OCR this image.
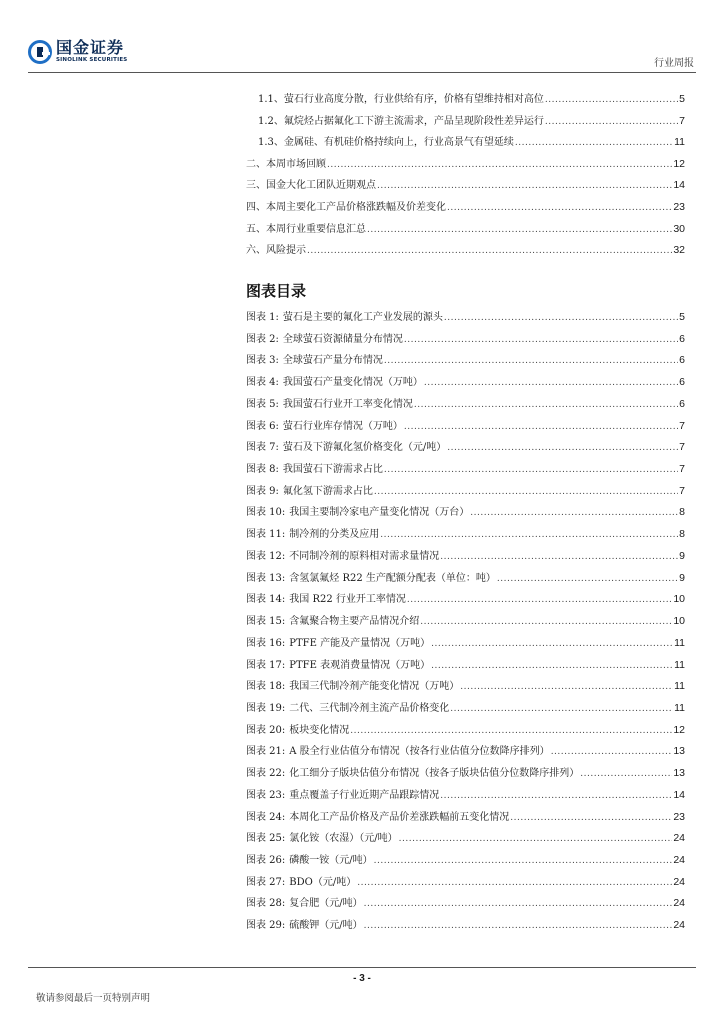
国金证券
SINOLINK SECURITIES	行业周报
1.1、萤石行业高度分散，行业供给有序，价格有望维持相对高位 .....	5
1.2、氟烷烃占据氟化工下游主流需求，产品呈现阶段性差异运行 .....	7
1.3、金属硅、有机硅价格持续向上，行业高景气有望延续 .....	11
二、本周市场回顾 .....	12
三、国金大化工团队近期观点 .....	14
四、本周主要化工产品价格涨跌幅及价差变化 .....	23
五、本周行业重要信息汇总 .....	30
六、风险提示 .....	32
图表目录
图表 1: 萤石是主要的氟化工产业发展的源头 .....	5
图表 2: 全球萤石资源储量分布情况 .....	6
图表 3: 全球萤石产量分布情况 .....	6
图表 4: 我国萤石产量变化情况（万吨） .....	6
图表 5: 我国萤石行业开工率变化情况 .....	6
图表 6: 萤石行业库存情况（万吨） .....	7
图表 7: 萤石及下游氟化氢价格变化（元/吨） .....	7
图表 8: 我国萤石下游需求占比 .....	7
图表 9: 氟化氢下游需求占比 .....	7
图表 10: 我国主要制冷家电产量变化情况（万台） .....	8
图表 11: 制冷剂的分类及应用 .....	8
图表 12: 不同制冷剂的原料相对需求量情况 .....	9
图表 13: 含氢氯氟烃 R22 生产配额分配表（单位：吨） .....	9
图表 14: 我国 R22 行业开工率情况 .....	10
图表 15: 含氟聚合物主要产品情况介绍 .....	10
图表 16: PTFE 产能及产量情况（万吨） .....	11
图表 17: PTFE 表观消费量情况（万吨） .....	11
图表 18: 我国三代制冷剂产能变化情况（万吨） .....	11
图表 19: 二代、三代制冷剂主流产品价格变化 .....	11
图表 20: 板块变化情况 .....	12
图表 21: A 股全行业估值分布情况（按各行业估值分位数降序排列） .....	13
图表 22: 化工细分子版块估值分布情况（按各子版块估值分位数降序排列） .....	13
图表 23: 重点覆盖子行业近期产品跟踪情况 .....	14
图表 24: 本周化工产品价格及产品价差涨跌幅前五变化情况 .....	23
图表 25: 氯化铵（农湿）（元/吨） .....	24
图表 26: 磷酸一铵（元/吨） .....	24
图表 27: BDO（元/吨） .....	24
图表 28: 复合肥（元/吨） .....	24
图表 29: 硫酸钾（元/吨） .....	24
- 3 -
敬请参阅最后一页特别声明
